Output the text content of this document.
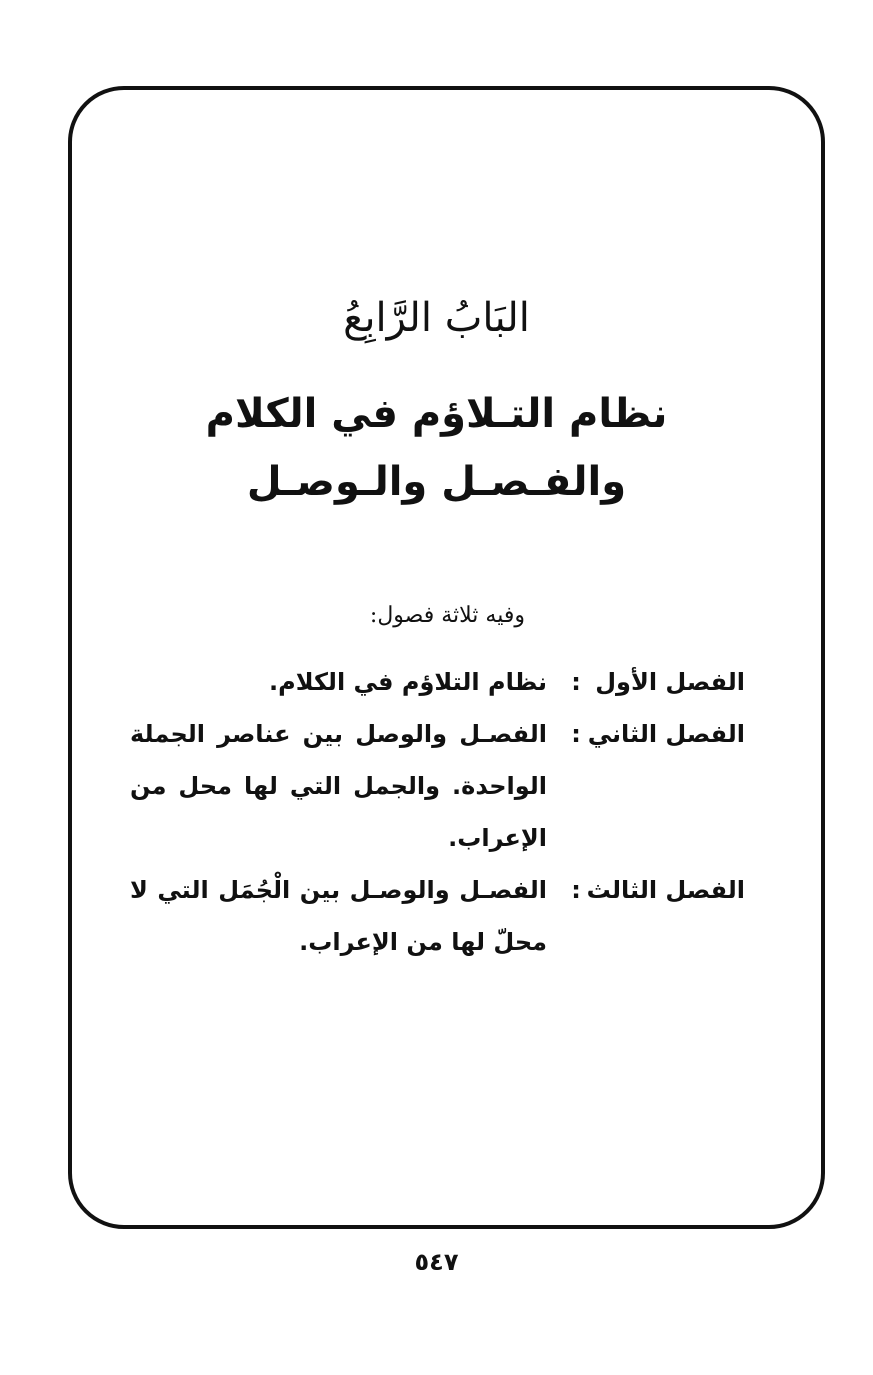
البَابُ الرَّابِعُ
نظام التـلاؤم في الكلام
والفـصـل والـوصـل
وفيه ثلاثة فصول:
الفصل الأول
:
نظام التلاؤم في الكلام.
الفصل الثاني
:
الفصـل والوصل بين عناصر الجملة الواحدة. والجمل التي لها محل من الإعراب.
الفصل الثالث
:
الفصـل والوصـل بين الْجُمَل التي لا محلّ لها من الإعراب.
٥٤٧
